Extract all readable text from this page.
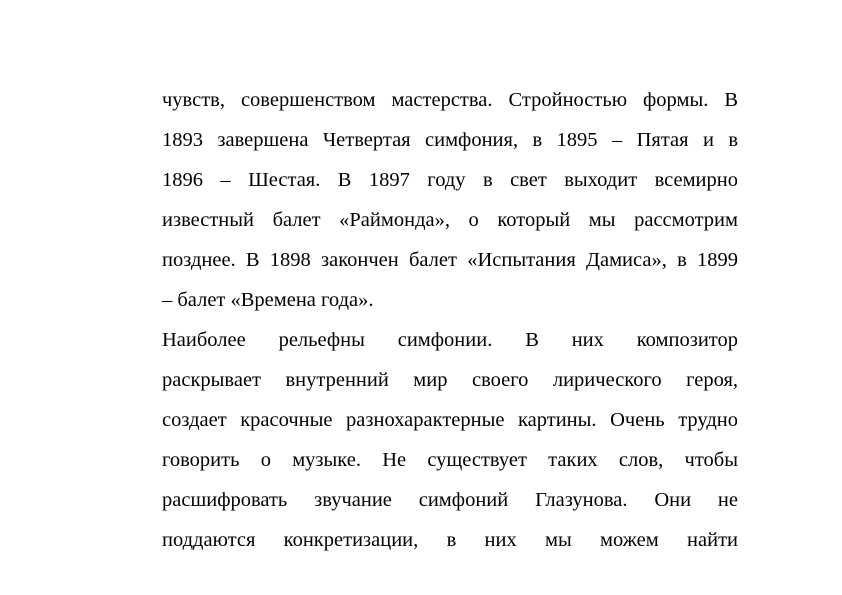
чувств, совершенством мастерства. Стройностью формы. В
1893 завершена Четвертая симфония, в 1895 – Пятая и в
1896 – Шестая. В 1897 году в свет выходит всемирно
известный балет «Раймонда», о который мы рассмотрим
позднее. В 1898 закончен балет «Испытания Дамиса», в 1899
– балет «Времена года».
Наиболее рельефны симфонии. В них композитор
раскрывает внутренний мир своего лирического героя,
создает красочные разнохарактерные картины. Очень трудно
говорить о музыке. Не существует таких слов, чтобы
расшифровать звучание симфоний Глазунова. Они не
поддаются конкретизации, в них мы можем найти
